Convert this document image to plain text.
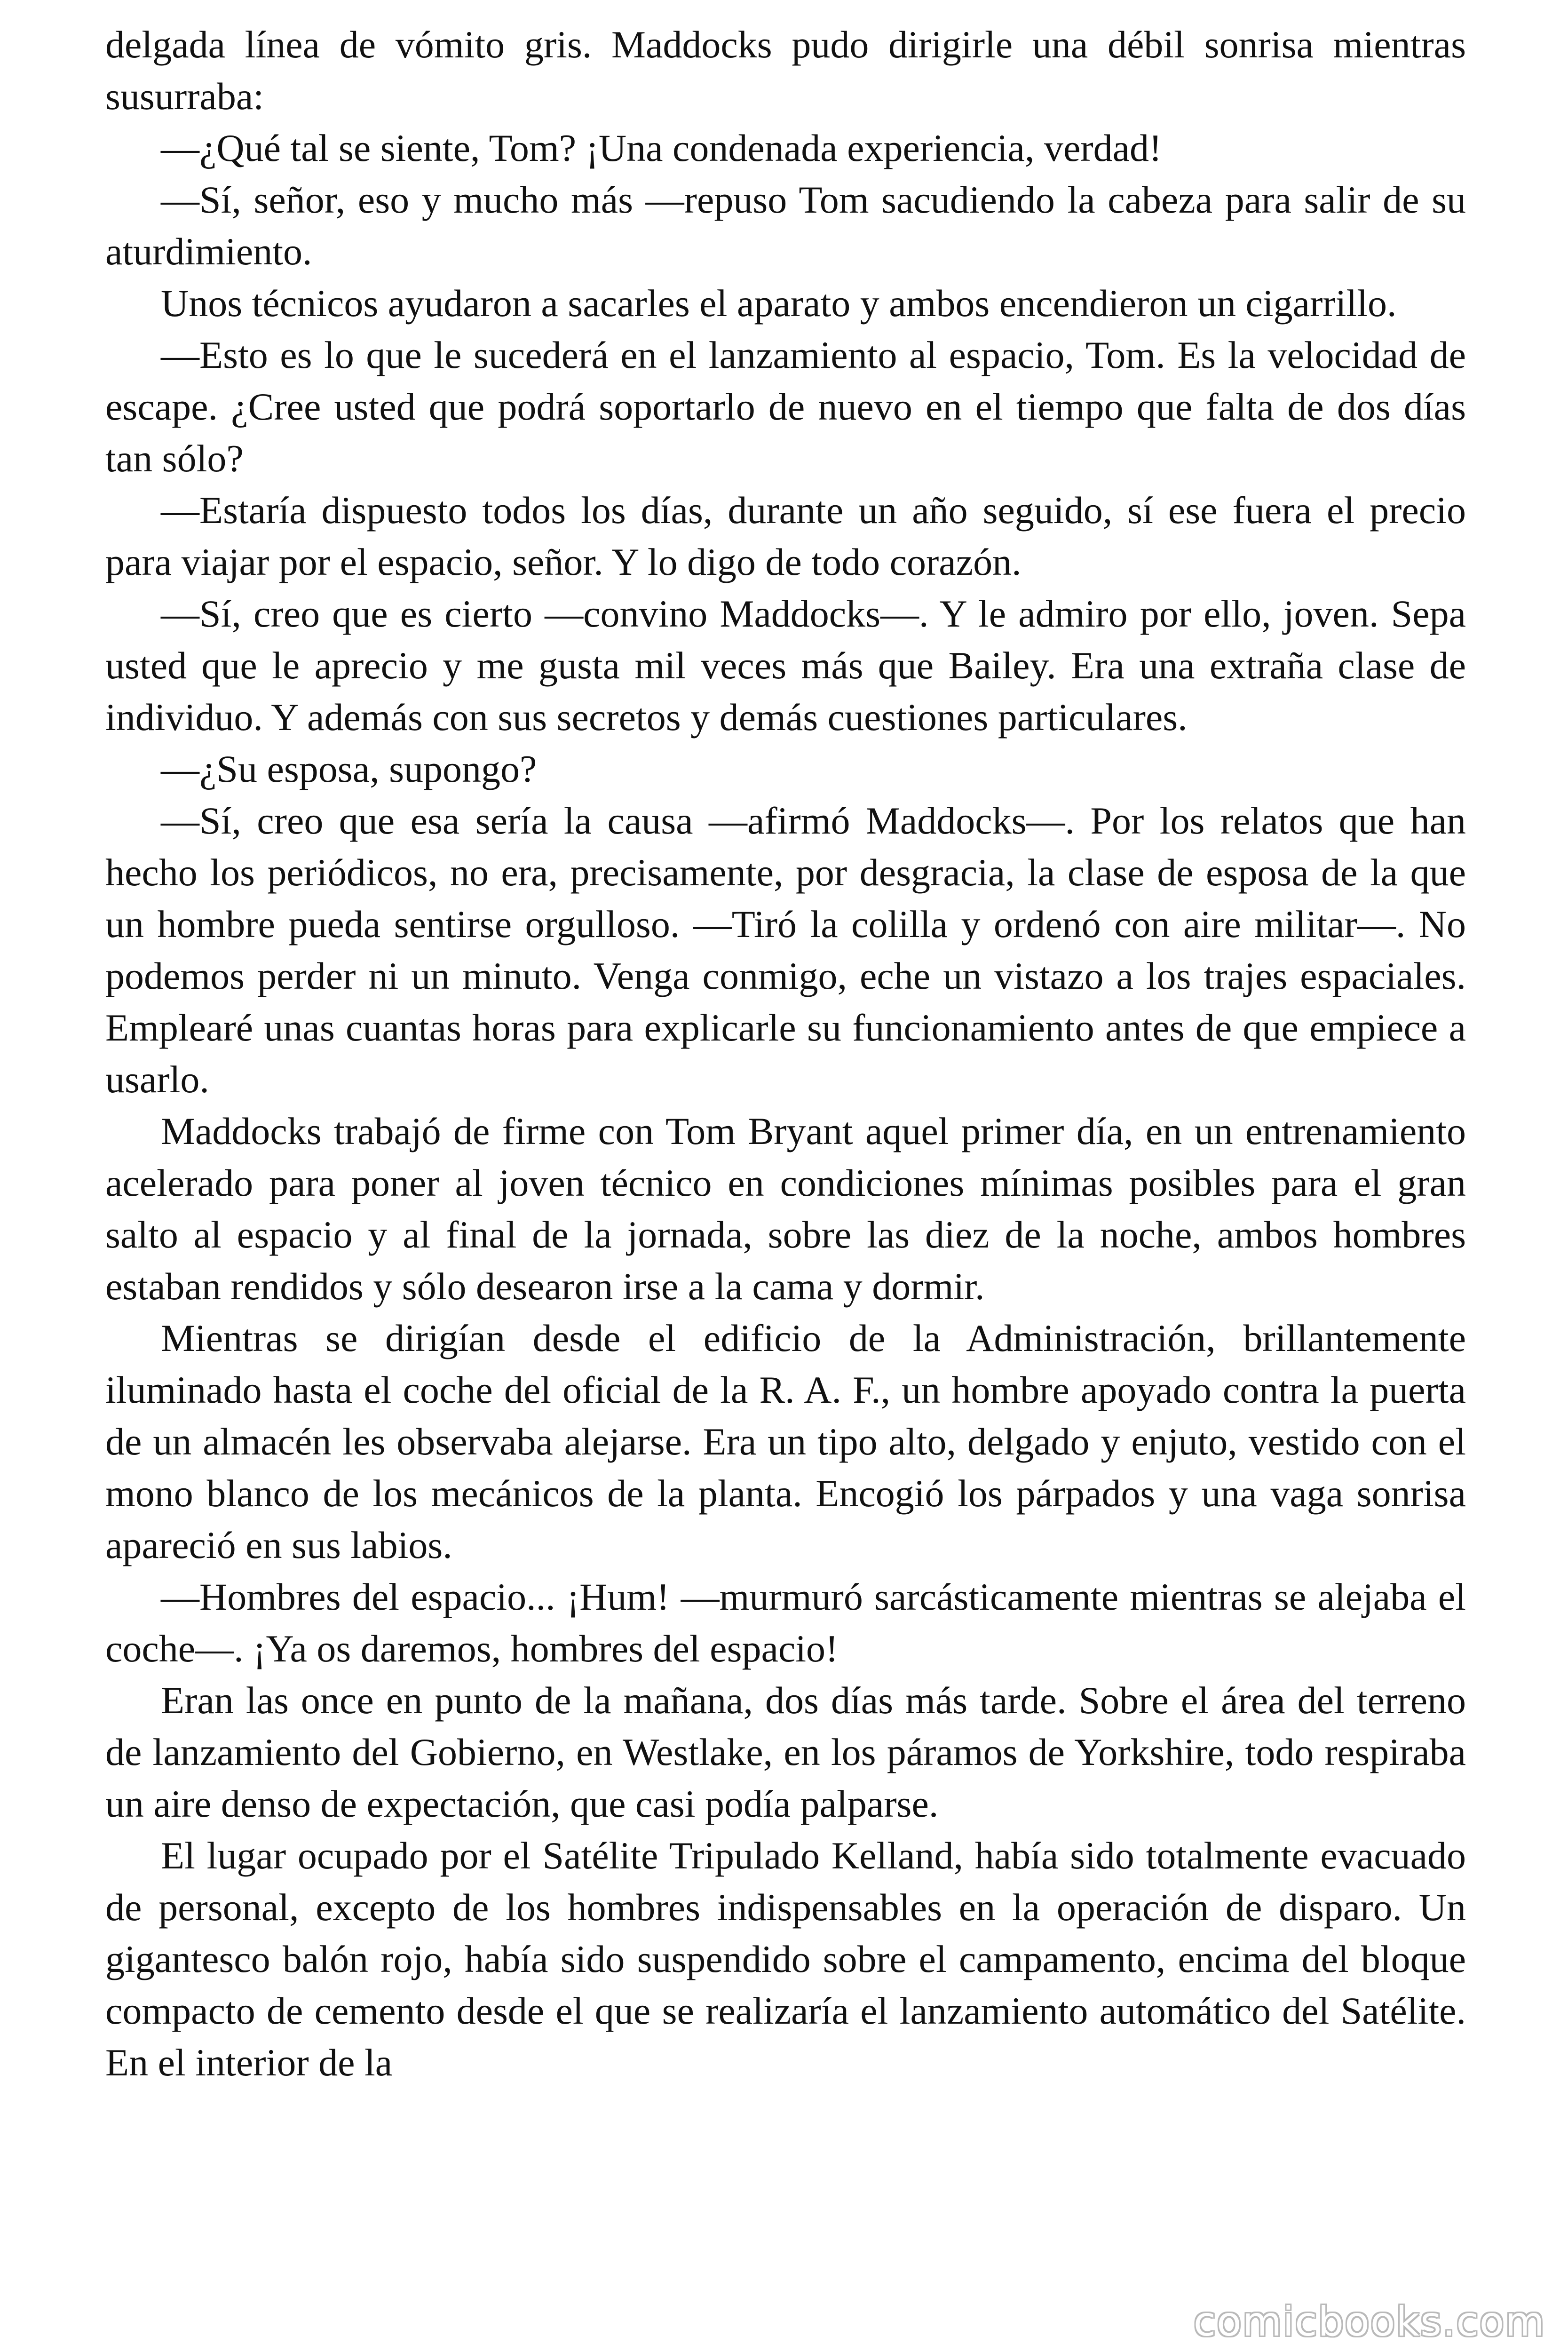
delgada línea de vómito gris. Maddocks pudo dirigirle una débil sonrisa mientras susurraba:

—¿Qué tal se siente, Tom? ¡Una condenada experiencia, verdad!

—Sí, señor, eso y mucho más —repuso Tom sacudiendo la cabeza para salir de su aturdimiento.

Unos técnicos ayudaron a sacarles el aparato y ambos encendieron un cigarrillo.

—Esto es lo que le sucederá en el lanzamiento al espacio, Tom. Es la velocidad de escape. ¿Cree usted que podrá soportarlo de nuevo en el tiempo que falta de dos días tan sólo?

—Estaría dispuesto todos los días, durante un año seguido, sí ese fuera el precio para viajar por el espacio, señor. Y lo digo de todo corazón.

—Sí, creo que es cierto —convino Maddocks—. Y le admiro por ello, joven. Sepa usted que le aprecio y me gusta mil veces más que Bailey. Era una extraña clase de individuo. Y además con sus secretos y demás cuestiones particulares.

—¿Su esposa, supongo?

—Sí, creo que esa sería la causa —afirmó Maddocks—. Por los relatos que han hecho los periódicos, no era, precisamente, por desgracia, la clase de esposa de la que un hombre pueda sentirse orgulloso. —Tiró la colilla y ordenó con aire militar—. No podemos perder ni un minuto. Venga conmigo, eche un vistazo a los trajes espaciales. Emplearé unas cuantas horas para explicarle su funcionamiento antes de que empiece a usarlo.

Maddocks trabajó de firme con Tom Bryant aquel primer día, en un entrenamiento acelerado para poner al joven técnico en condiciones mínimas posibles para el gran salto al espacio y al final de la jornada, sobre las diez de la noche, ambos hombres estaban rendidos y sólo desearon irse a la cama y dormir.

Mientras se dirigían desde el edificio de la Administración, brillantemente iluminado hasta el coche del oficial de la R. A. F., un hombre apoyado contra la puerta de un almacén les observaba alejarse. Era un tipo alto, delgado y enjuto, vestido con el mono blanco de los mecánicos de la planta. Encogió los párpados y una vaga sonrisa apareció en sus labios.

—Hombres del espacio... ¡Hum! —murmuró sarcásticamente mientras se alejaba el coche—. ¡Ya os daremos, hombres del espacio!

Eran las once en punto de la mañana, dos días más tarde. Sobre el área del terreno de lanzamiento del Gobierno, en Westlake, en los páramos de Yorkshire, todo respiraba un aire denso de expectación, que casi podía palparse.

El lugar ocupado por el Satélite Tripulado Kelland, había sido totalmente evacuado de personal, excepto de los hombres indispensables en la operación de disparo. Un gigantesco balón rojo, había sido suspendido sobre el campamento, encima del bloque compacto de cemento desde el que se realizaría el lanzamiento automático del Satélite. En el interior de la

comicbooks.com
